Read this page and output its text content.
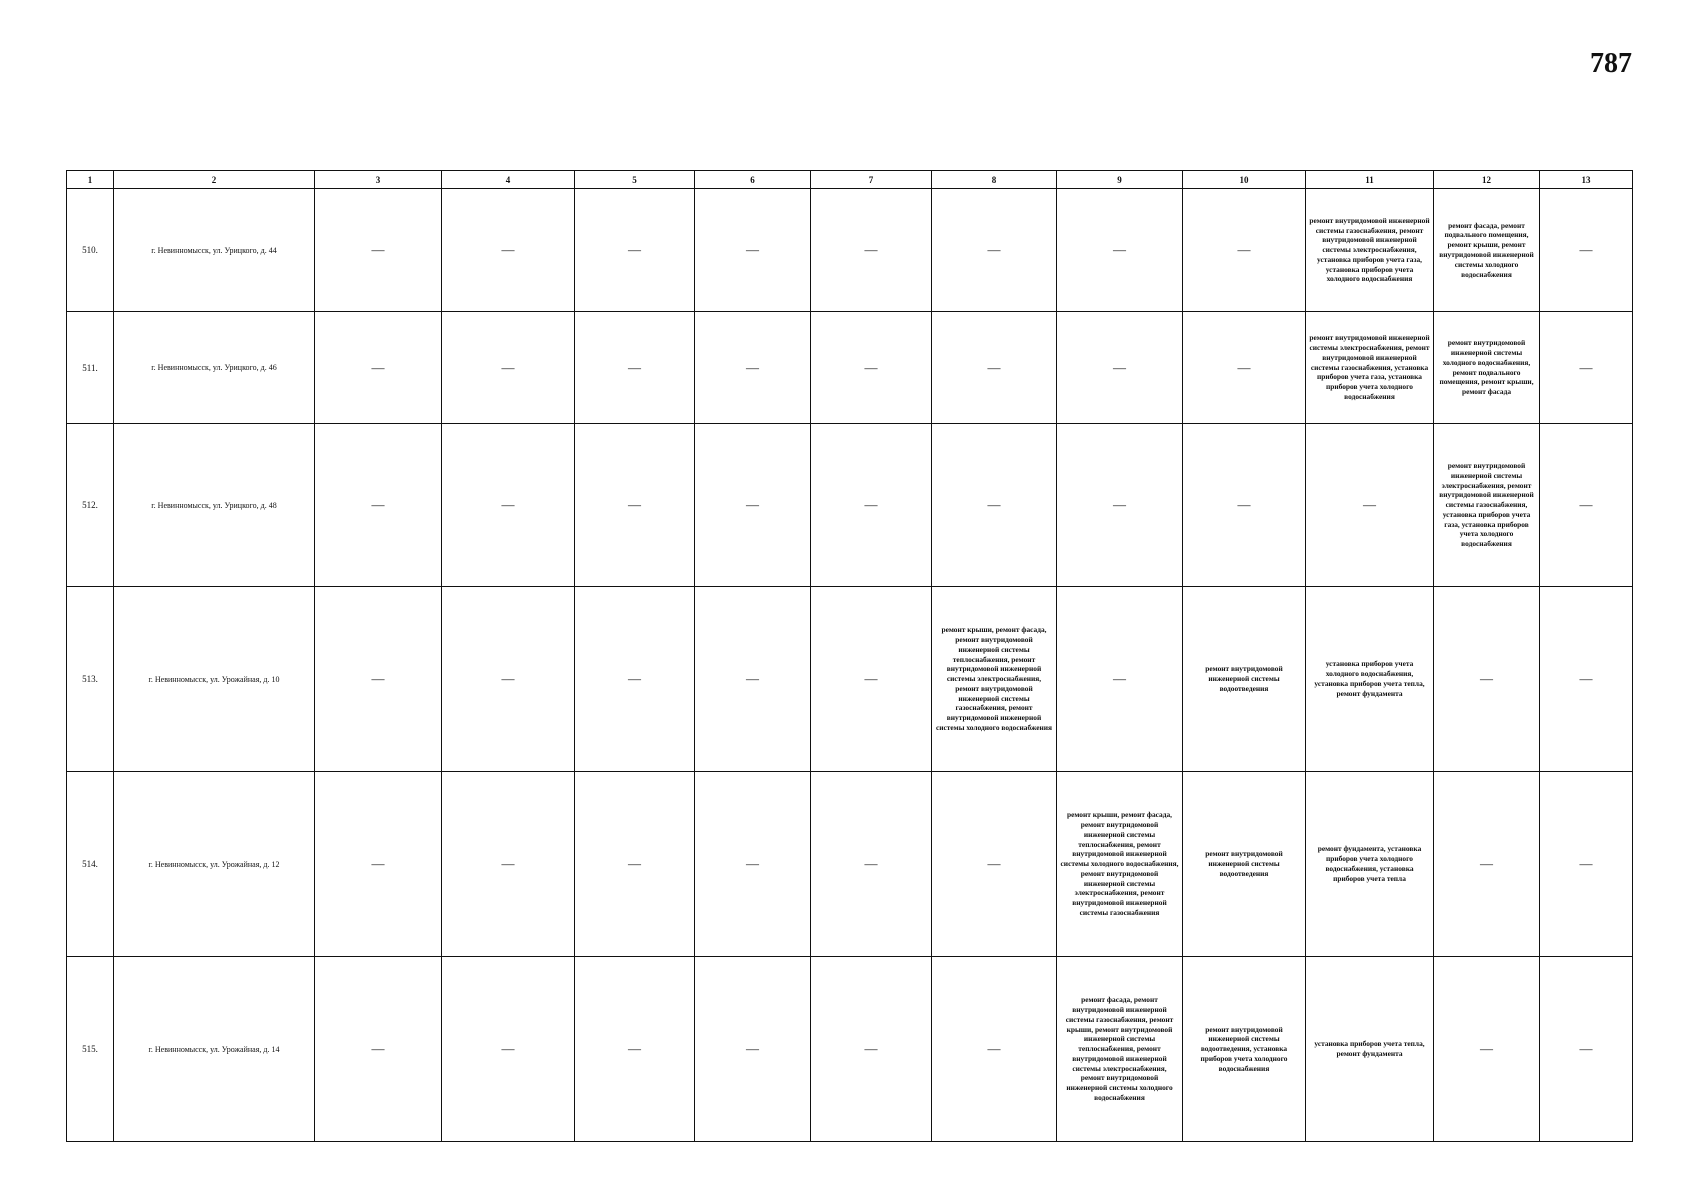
787
1	2	3	4	5	6	7	8	9	10	11	12	13
510.	г. Невинномысск, ул. Урицкого, д. 44	—	—	—	—	—	—	—	—	ремонт внутридомовой инженерной системы газоснабжения, ремонт внутридомовой инженерной системы электроснабжения, установка приборов учета газа, установка приборов учета холодного водоснабжения	ремонт фасада, ремонт подвального помещения, ремонт крыши, ремонт внутридомовой инженерной системы холодного водоснабжения	—
511.	г. Невинномысск, ул. Урицкого, д. 46	—	—	—	—	—	—	—	—	ремонт внутридомовой инженерной системы электроснабжения, ремонт внутридомовой инженерной системы газоснабжения, установка приборов учета газа, установка приборов учета холодного водоснабжения	ремонт внутридомовой инженерной системы холодного водоснабжения, ремонт подвального помещения, ремонт крыши, ремонт фасада	—
512.	г. Невинномысск, ул. Урицкого, д. 48	—	—	—	—	—	—	—	—	—	ремонт внутридомовой инженерной системы электроснабжения, ремонт внутридомовой инженерной системы газоснабжения, установка приборов учета газа, установка приборов учета холодного водоснабжения	—
513.	г. Невинномысск, ул. Урожайная, д. 10	—	—	—	—	—	ремонт крыши, ремонт фасада, ремонт внутридомовой инженерной системы теплоснабжения, ремонт внутридомовой инженерной системы электроснабжения, ремонт внутридомовой инженерной системы газоснабжения, ремонт внутридомовой инженерной системы холодного водоснабжения	—	ремонт внутридомовой инженерной системы водоотведения	установка приборов учета холодного водоснабжения, установка приборов учета тепла, ремонт фундамента	—	—
514.	г. Невинномысск, ул. Урожайная, д. 12	—	—	—	—	—	—	ремонт крыши, ремонт фасада, ремонт внутридомовой инженерной системы теплоснабжения, ремонт внутридомовой инженерной системы холодного водоснабжения, ремонт внутридомовой инженерной системы электроснабжения, ремонт внутридомовой инженерной системы газоснабжения	ремонт внутридомовой инженерной системы водоотведения	ремонт фундамента, установка приборов учета холодного водоснабжения, установка приборов учета тепла	—	—
515.	г. Невинномысск, ул. Урожайная, д. 14	—	—	—	—	—	—	ремонт фасада, ремонт внутридомовой инженерной системы газоснабжения, ремонт крыши, ремонт внутридомовой инженерной системы теплоснабжения, ремонт внутридомовой инженерной системы электроснабжения, ремонт внутридомовой инженерной системы холодного водоснабжения	ремонт внутридомовой инженерной системы водоотведения, установка приборов учета холодного водоснабжения	установка приборов учета тепла, ремонт фундамента	—	—
